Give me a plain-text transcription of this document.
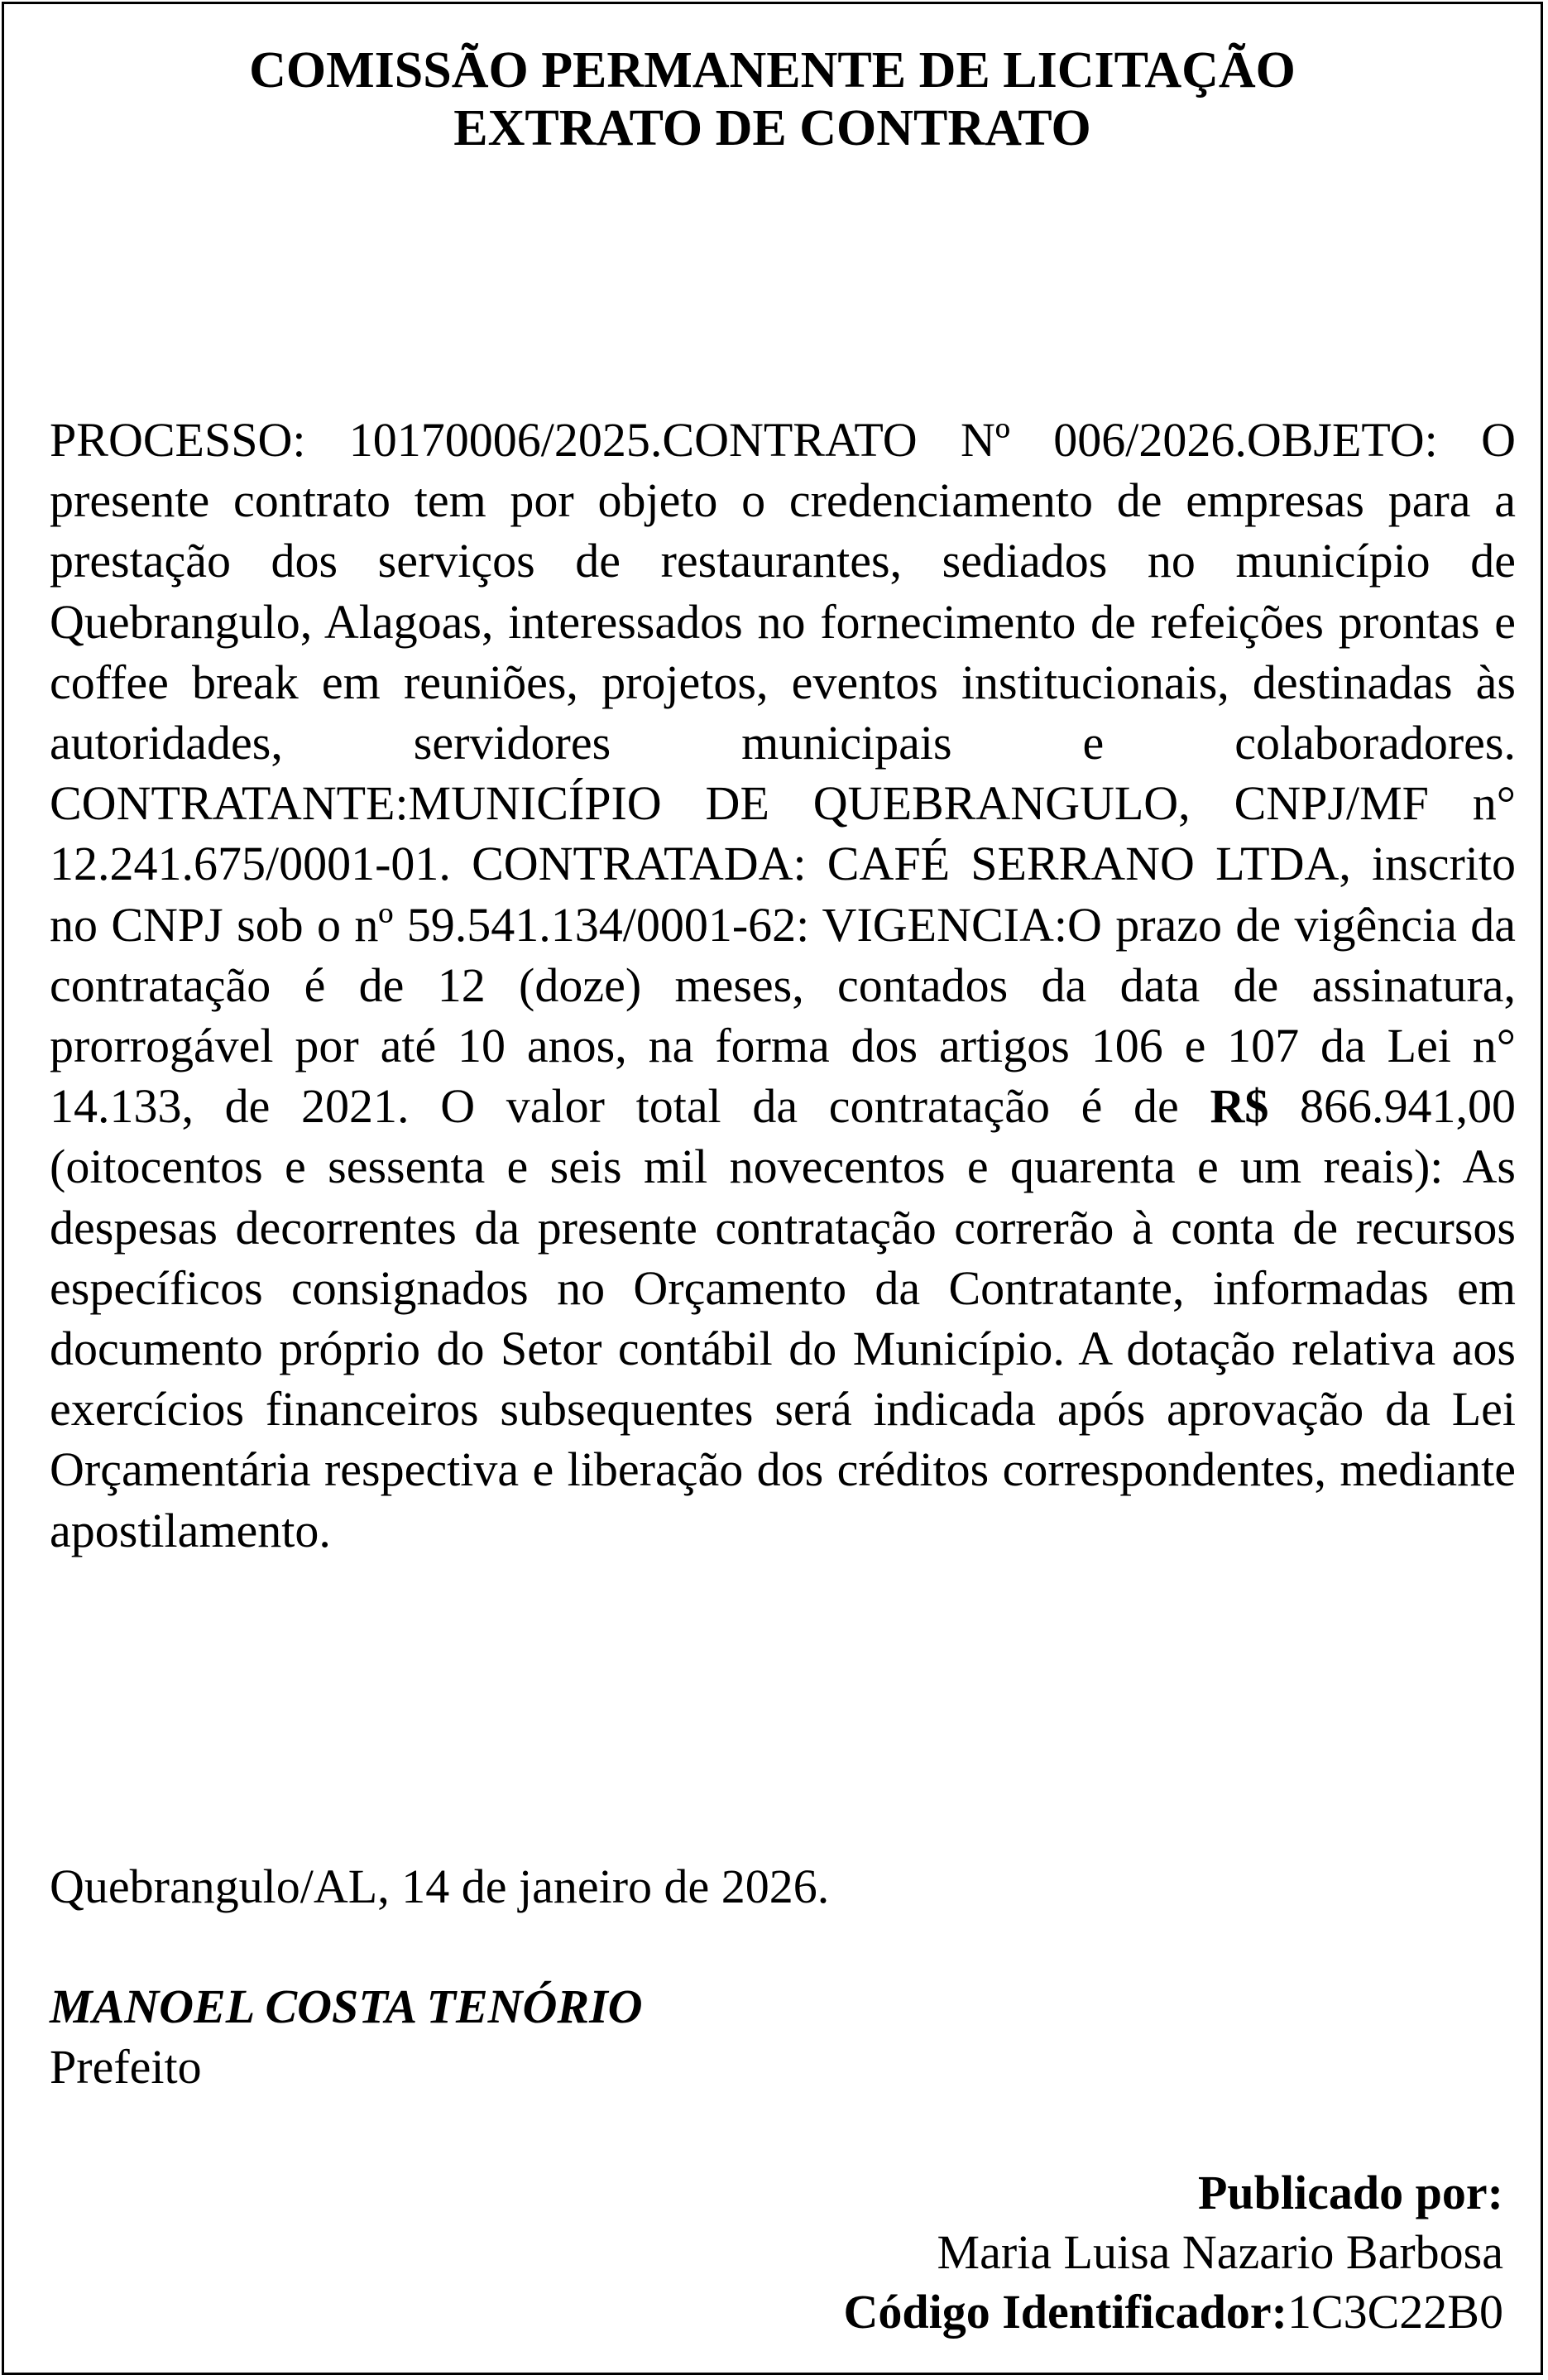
COMISSÃO PERMANENTE DE LICITAÇÃO
EXTRATO DE CONTRATO
PROCESSO: 10170006/2025.CONTRATO Nº 006/2026.OBJETO: O presente contrato tem por objeto o credenciamento de empresas para a prestação dos serviços de restaurantes, sediados no município de Quebrangulo, Alagoas, interessados no fornecimento de refeições prontas e coffee break em reuniões, projetos, eventos institucionais, destinadas às autoridades, servidores municipais e colaboradores. CONTRATANTE:MUNICÍPIO DE QUEBRANGULO, CNPJ/MF n° 12.241.675/0001-01. CONTRATADA: CAFÉ SERRANO LTDA, inscrito no CNPJ sob o nº 59.541.134/0001-62: VIGENCIA:O prazo de vigência da contratação é de 12 (doze) meses, contados da data de assinatura, prorrogável por até 10 anos, na forma dos artigos 106 e 107 da Lei n° 14.133, de 2021. O valor total da contratação é de R$ 866.941,00 (oitocentos e sessenta e seis mil novecentos e quarenta e um reais): As despesas decorrentes da presente contratação correrão à conta de recursos específicos consignados no Orçamento da Contratante, informadas em documento próprio do Setor contábil do Município. A dotação relativa aos exercícios financeiros subsequentes será indicada após aprovação da Lei Orçamentária respectiva e liberação dos créditos correspondentes, mediante apostilamento.
Quebrangulo/AL, 14 de janeiro de 2026.
MANOEL COSTA TENÓRIO
Prefeito
Publicado por:
Maria Luisa Nazario Barbosa
Código Identificador:1C3C22B0
